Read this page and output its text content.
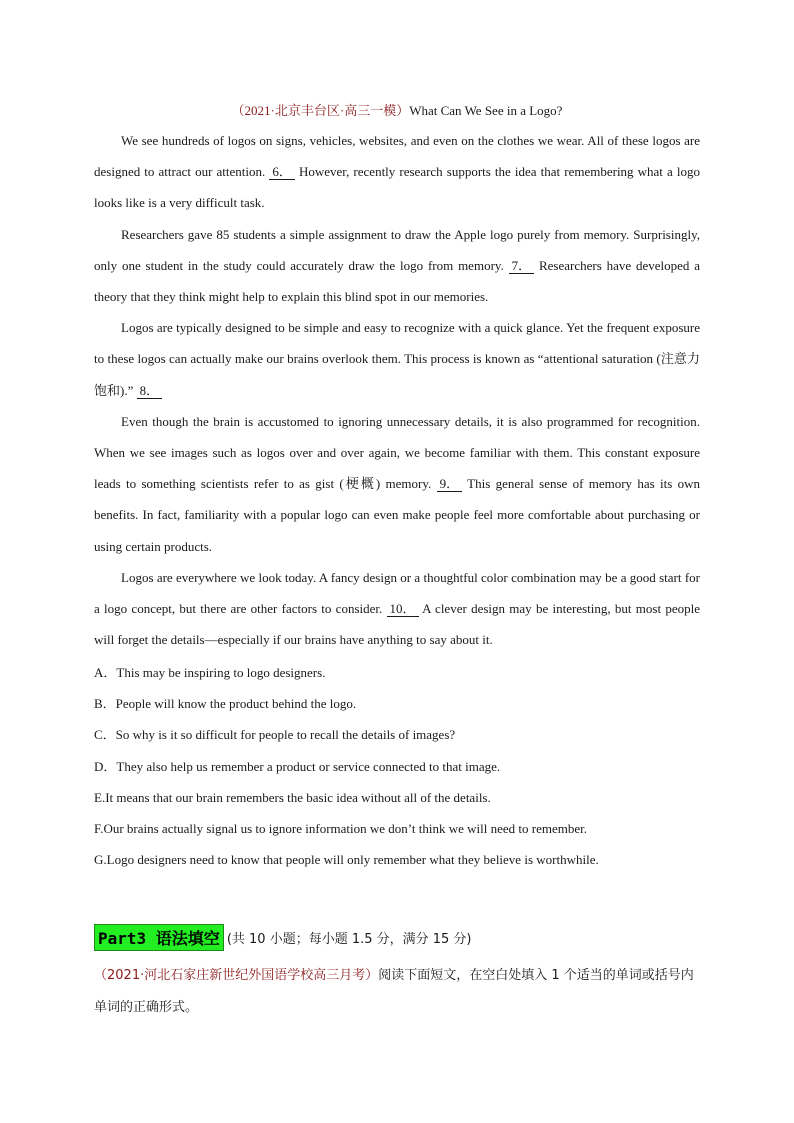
（2021·北京丰台区·高三一模）What Can We See in a Logo?

We see hundreds of logos on signs, vehicles, websites, and even on the clothes we wear. All of these logos are designed to attract our attention. 6． However, recently research supports the idea that remembering what a logo looks like is a very difficult task.

Researchers gave 85 students a simple assignment to draw the Apple logo purely from memory. Surprisingly, only one student in the study could accurately draw the logo from memory. 7． Researchers have developed a theory that they think might help to explain this blind spot in our memories.

Logos are typically designed to be simple and easy to recognize with a quick glance. Yet the frequent exposure to these logos can actually make our brains overlook them. This process is known as “attentional saturation (注意力饱和).” 8．

Even though the brain is accustomed to ignoring unnecessary details, it is also programmed for recognition. When we see images such as logos over and over again, we become familiar with them. This constant exposure leads to something scientists refer to as gist (梗概) memory. 9． This general sense of memory has its own benefits. In fact, familiarity with a popular logo can even make people feel more comfortable about purchasing or using certain products.

Logos are everywhere we look today. A fancy design or a thoughtful color combination may be a good start for a logo concept, but there are other factors to consider. 10． A clever design may be interesting, but most people will forget the details—especially if our brains have anything to say about it.

A．This may be inspiring to logo designers.

B．People will know the product behind the logo.

C．So why is it so difficult for people to recall the details of images?

D．They also help us remember a product or service connected to that image.

E.It means that our brain remembers the basic idea without all of the details.

F.Our brains actually signal us to ignore information we don’t think we will need to remember.

G.Logo designers need to know that people will only remember what they believe is worthwhile.

Part3 语法填空 (共 10 小题；每小题 1.5 分，满分 15 分)
（2021·河北石家庄新世纪外国语学校高三月考）阅读下面短文，在空白处填入 1 个适当的单词或括号内单词的正确形式。
